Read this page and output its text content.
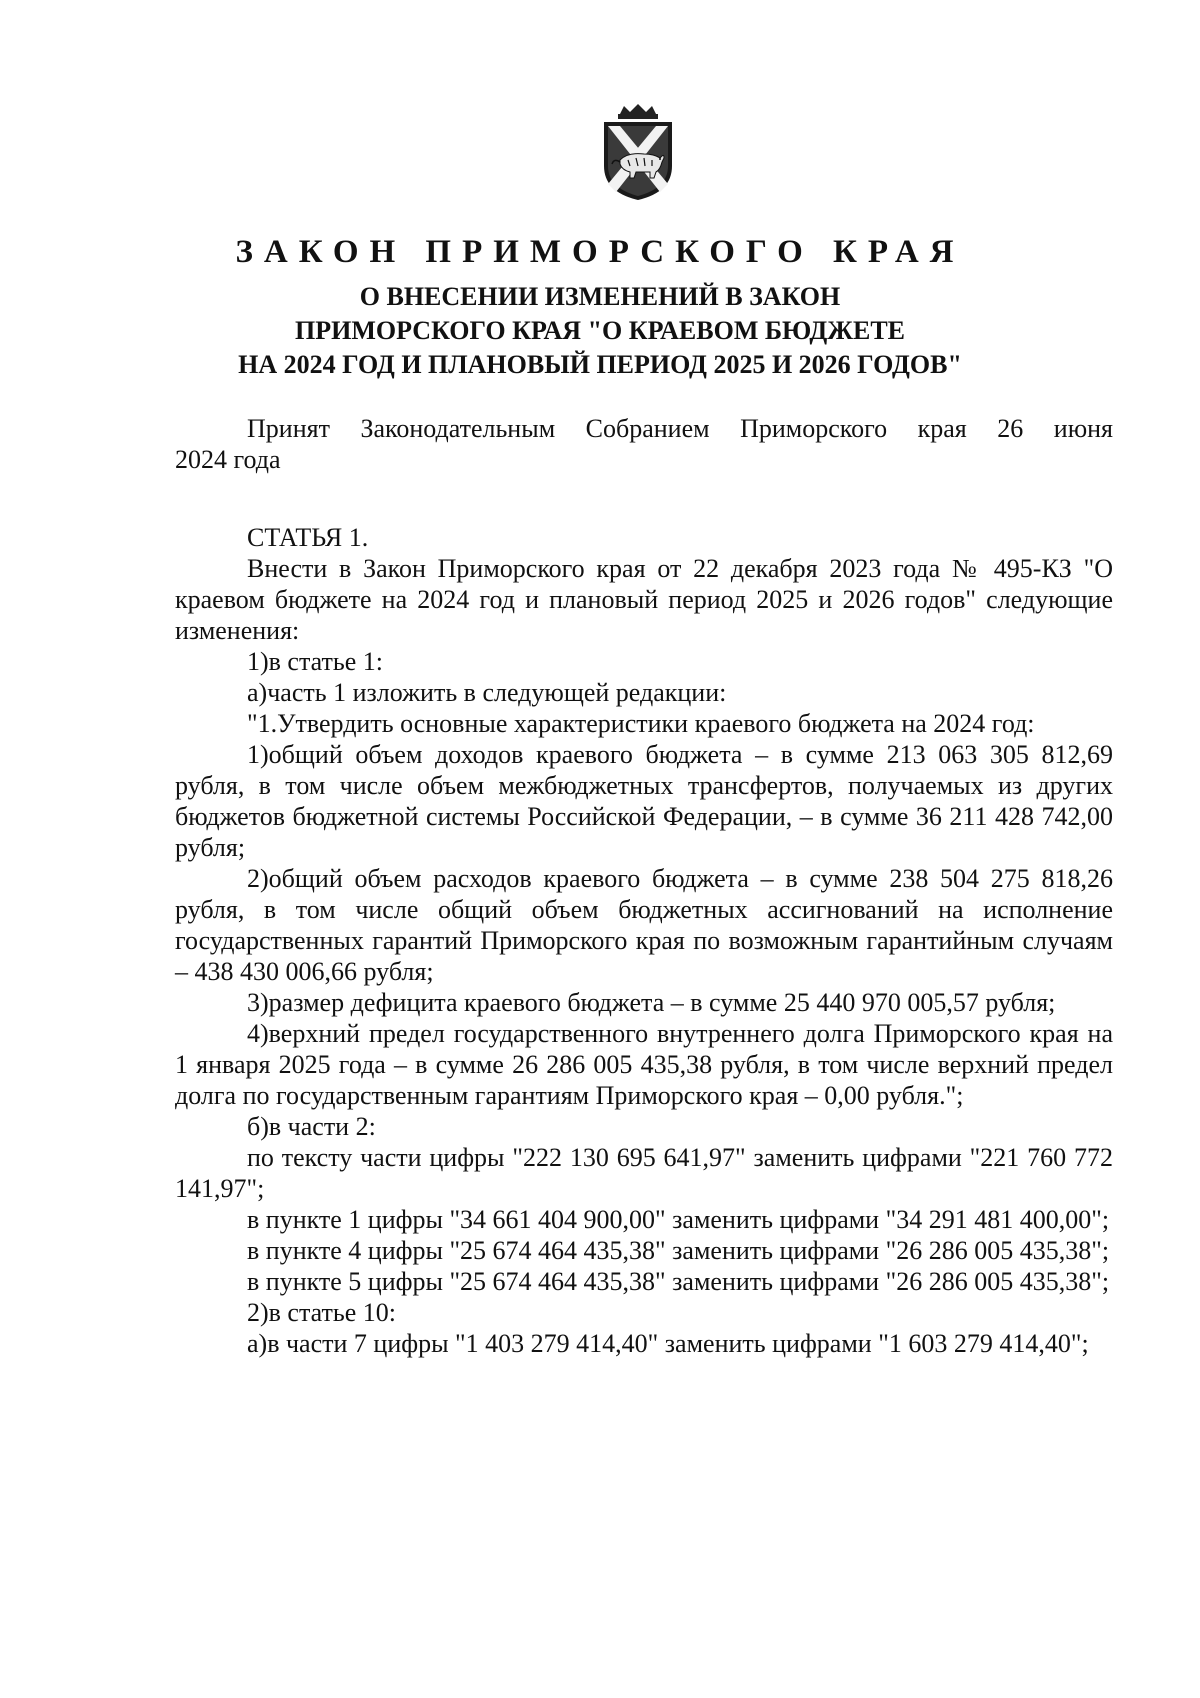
ЗАКОН ПРИМОРСКОГО КРАЯ
О ВНЕСЕНИИ ИЗМЕНЕНИЙ В ЗАКОН
ПРИМОРСКОГО КРАЯ "О КРАЕВОМ БЮДЖЕТЕ
НА 2024 ГОД И ПЛАНОВЫЙ ПЕРИОД 2025 И 2026 ГОДОВ"

Принят Законодательным Собранием Приморского края 26 июня

2024 года

СТАТЬЯ 1.

Внести в Закон Приморского края от 22 декабря 2023 года № 495-КЗ "О краевом бюджете на 2024 год и плановый период 2025 и 2026 годов" следующие изменения:

1)в статье 1:

а)часть 1 изложить в следующей редакции:

"1.Утвердить основные характеристики краевого бюджета на 2024 год:

1)общий объем доходов краевого бюджета – в сумме 213 063 305 812,69 рубля, в том числе объем межбюджетных трансфертов, получаемых из других бюджетов бюджетной системы Российской Федерации, – в сумме 36 211 428 742,00 рубля;

2)общий объем расходов краевого бюджета – в сумме 238 504 275 818,26 рубля, в том числе общий объем бюджетных ассигнований на исполнение государственных гарантий Приморского края по возможным гарантийным случаям – 438 430 006,66 рубля;

3)размер дефицита краевого бюджета – в сумме 25 440 970 005,57 рубля;

4)верхний предел государственного внутреннего долга Приморского края на 1 января 2025 года – в сумме 26 286 005 435,38 рубля, в том числе верхний предел долга по государственным гарантиям Приморского края – 0,00 рубля.";

б)в части 2:

по тексту части цифры "222 130 695 641,97" заменить цифрами "221 760 772 141,97";

в пункте 1 цифры "34 661 404 900,00" заменить цифрами "34 291 481 400,00";

в пункте 4 цифры "25 674 464 435,38" заменить цифрами "26 286 005 435,38";

в пункте 5 цифры "25 674 464 435,38" заменить цифрами "26 286 005 435,38";

2)в статье 10:

а)в части 7 цифры "1 403 279 414,40" заменить цифрами "1 603 279 414,40";
